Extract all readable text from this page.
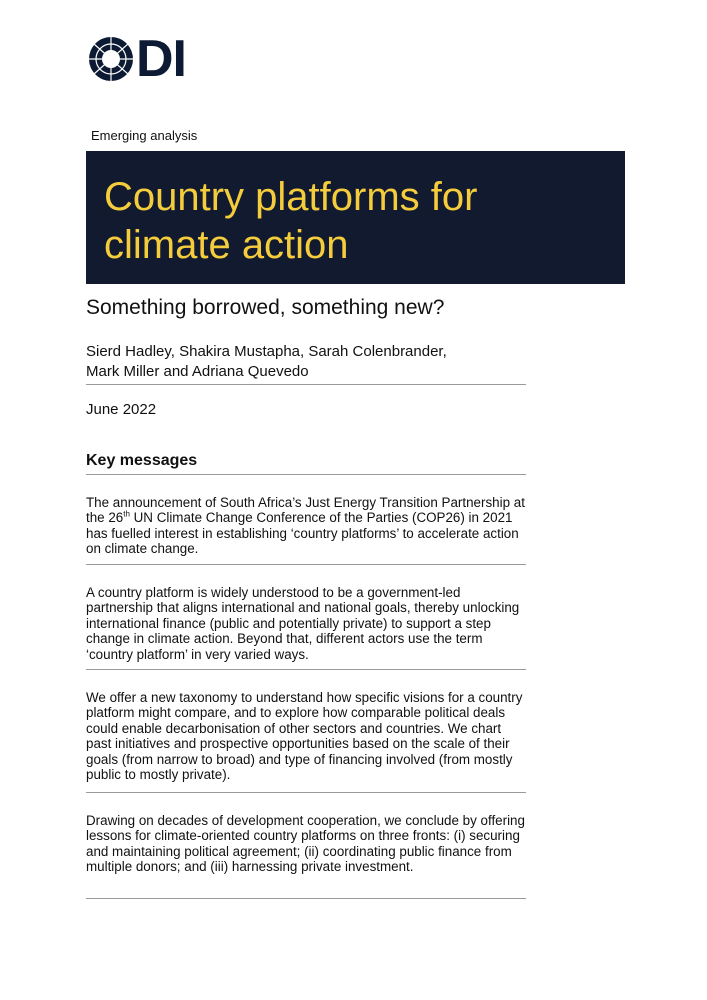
DI
Emerging analysis
Country platforms for
climate action
Something borrowed, something new?
Sierd Hadley, Shakira Mustapha, Sarah Colenbrander,
Mark Miller and Adriana Quevedo
June 2022
Key messages

The announcement of South Africa’s Just Energy Transition Partnership at the 26th UN Climate Change Conference of the Parties (COP26) in 2021 has fuelled interest in establishing ‘country platforms’ to accelerate action on climate change.

A country platform is widely understood to be a government-led partnership that aligns international and national goals, thereby unlocking international finance (public and potentially private) to support a step change in climate action. Beyond that, different actors use the term ‘country platform’ in very varied ways.

We offer a new taxonomy to understand how specific visions for a country platform might compare, and to explore how comparable political deals could enable decarbonisation of other sectors and countries. We chart past initiatives and prospective opportunities based on the scale of their goals (from narrow to broad) and type of financing involved (from mostly public to mostly private).

Drawing on decades of development cooperation, we conclude by offering lessons for climate-oriented country platforms on three fronts: (i) securing and maintaining political agreement; (ii) coordinating public finance from multiple donors; and (iii) harnessing private investment.
